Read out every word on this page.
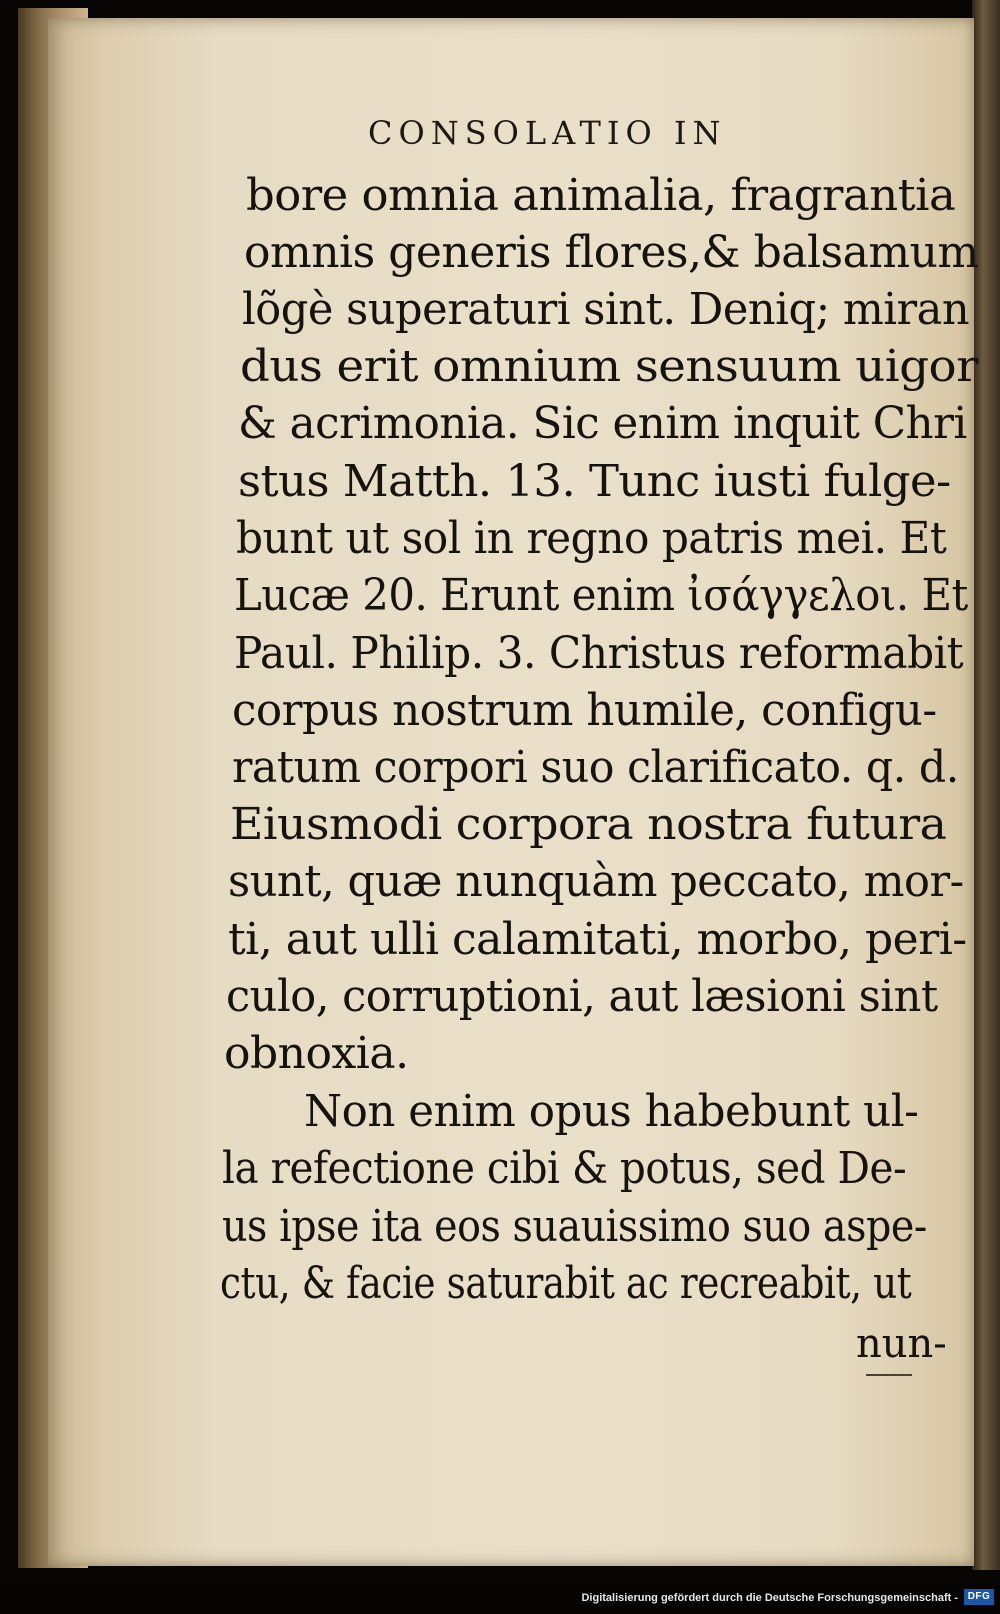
CONSOLATIO IN
bore omnia animalia, fragrantia
omnis generis flores,& balsamum
lõgè superaturi sint. Deniq; miran
dus erit omnium sensuum uigor
& acrimonia. Sic enim inquit Chri
stus Matth. 13. Tunc iusti fulge-
bunt ut sol in regno patris mei. Et
Lucæ 20. Erunt enim ἰσάγγελοι. Et
Paul. Philip. 3. Christus reformabit
corpus nostrum humile, configu-
ratum corpori suo clarificato. q. d.
Eiusmodi corpora nostra futura
sunt, quæ nunquàm peccato, mor-
ti, aut ulli calamitati, morbo, peri-
culo, corruptioni, aut læsioni sint
obnoxia.
Non enim opus habebunt ul-
la refectione cibi & potus, sed De-
us ipse ita eos suauissimo suo aspe-
ctu, & facie saturabit ac recreabit, ut
nun-
Digitalisierung gefördert durch die Deutsche Forschungsgemeinschaft - DFG
